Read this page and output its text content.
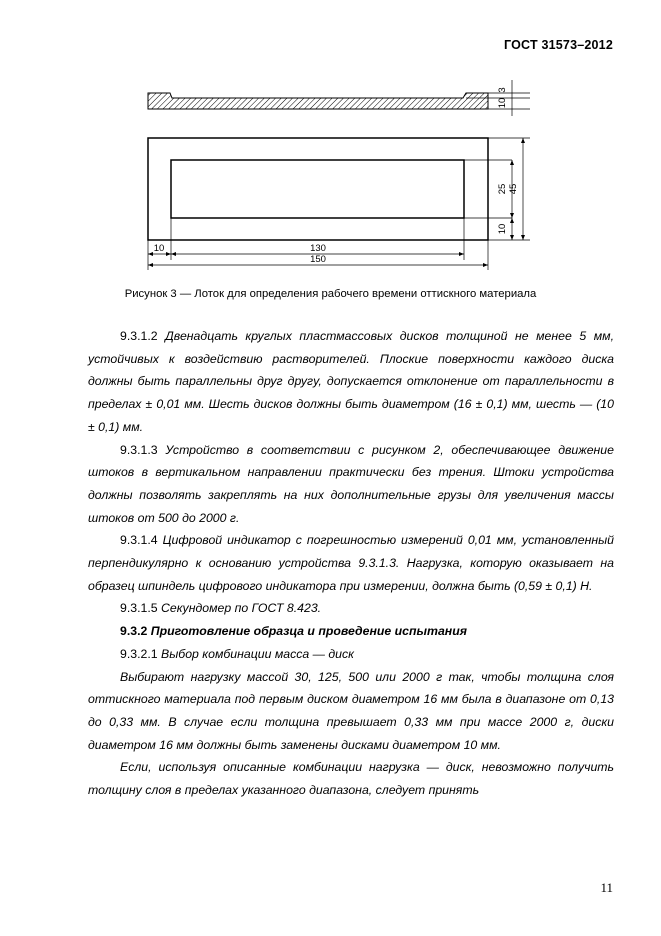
ГОСТ 31573–2012
3
10
25 45
10
10	130
150
Рисунок 3 — Лоток для определения рабочего времени оттискного материала

9.3.1.2 Двенадцать круглых пластмассовых дисков толщиной не менее 5 мм, устойчивых к воздействию растворителей. Плоские поверхности каждого диска должны быть параллельны друг другу, допускается отклонение от параллельности в пределах ± 0,01 мм. Шесть дисков должны быть диаметром (16 ± 0,1) мм, шесть — (10 ± 0,1) мм.

9.3.1.3 Устройство в соответствии с рисунком 2, обеспечивающее движение штоков в вертикальном направлении практически без трения. Штоки устройства должны позволять закреплять на них дополнительные грузы для увеличения массы штоков от 500 до 2000 г.

9.3.1.4 Цифровой индикатор с погрешностью измерений 0,01 мм, установленный перпендикулярно к основанию устройства 9.3.1.3. Нагрузка, которую оказывает на образец шпиндель цифрового индикатора при измерении, должна быть (0,59 ± 0,1) Н.

9.3.1.5 Секундомер по ГОСТ 8.423.

9.3.2 Приготовление образца и проведение испытания

9.3.2.1 Выбор комбинации масса — диск

Выбирают нагрузку массой 30, 125, 500 или 2000 г так, чтобы толщина слоя оттискного материала под первым диском диаметром 16 мм была в диапазоне от 0,13 до 0,33 мм. В случае если толщина превышает 0,33 мм при массе 2000 г, диски диаметром 16 мм должны быть заменены дисками диаметром 10 мм.

Если, используя описанные комбинации нагрузка — диск, невозможно получить толщину слоя в пределах указанного диапазона, следует принять

11
